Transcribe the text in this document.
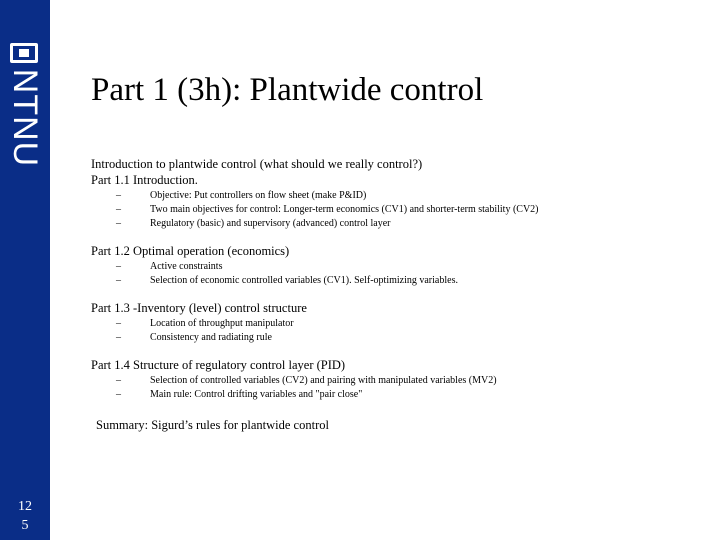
NTNU
12
5
Part 1 (3h): Plantwide control
Introduction to plantwide control (what should we really control?)
Part 1.1 Introduction.
–	Objective: Put controllers on flow sheet (make P&ID)
–	Two main objectives for control: Longer-term economics (CV1) and shorter-term stability (CV2)
–	Regulatory (basic) and supervisory (advanced) control layer
Part 1.2 Optimal operation (economics)
–	Active constraints
–	Selection of economic controlled variables (CV1). Self-optimizing variables.
Part 1.3 -Inventory (level) control structure
–	Location of throughput manipulator
–	Consistency and radiating rule
Part 1.4 Structure of regulatory control layer (PID)
–	Selection of controlled variables (CV2) and pairing with manipulated variables (MV2)
–	Main rule: Control drifting variables and "pair close"
Summary: Sigurd’s rules for plantwide control
